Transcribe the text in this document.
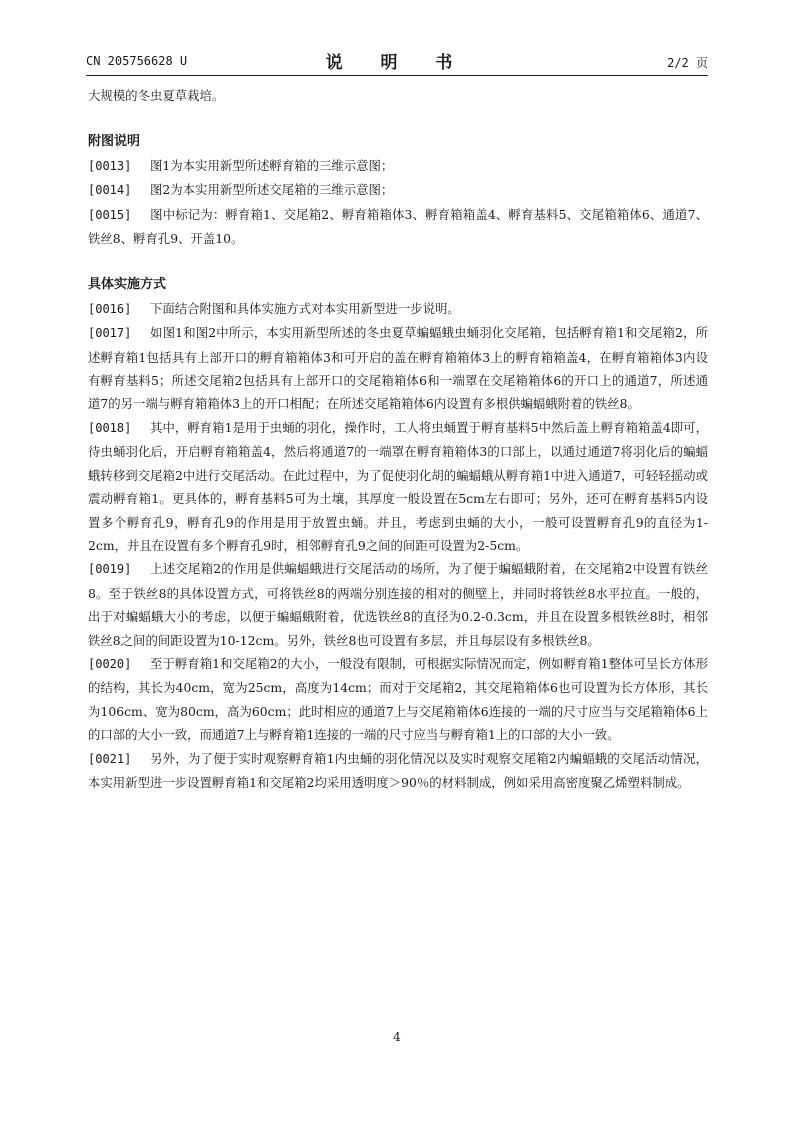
CN 205756628 U	说 明 书	2/2 页

大规模的冬虫夏草栽培。

附图说明

[0013] 图1为本实用新型所述孵育箱的三维示意图；

[0014] 图2为本实用新型所述交尾箱的三维示意图；

[0015] 图中标记为：孵育箱1、交尾箱2、孵育箱箱体3、孵育箱箱盖4、孵育基料5、交尾箱箱体6、通道7、铁丝8、孵育孔9、开盖10。

具体实施方式

[0016] 下面结合附图和具体实施方式对本实用新型进一步说明。

[0017] 如图1和图2中所示，本实用新型所述的冬虫夏草蝙蝠蛾虫蛹羽化交尾箱，包括孵育箱1和交尾箱2，所述孵育箱1包括具有上部开口的孵育箱箱体3和可开启的盖在孵育箱箱体3上的孵育箱箱盖4，在孵育箱箱体3内设有孵育基料5；所述交尾箱2包括具有上部开口的交尾箱箱体6和一端罩在交尾箱箱体6的开口上的通道7，所述通道7的另一端与孵育箱箱体3上的开口相配；在所述交尾箱箱体6内设置有多根供蝙蝠蛾附着的铁丝8。

[0018] 其中，孵育箱1是用于虫蛹的羽化，操作时，工人将虫蛹置于孵育基料5中然后盖上孵育箱箱盖4即可，待虫蛹羽化后，开启孵育箱箱盖4，然后将通道7的一端罩在孵育箱箱体3的口部上，以通过通道7将羽化后的蝙蝠蛾转移到交尾箱2中进行交尾活动。在此过程中，为了促使羽化胡的蝙蝠蛾从孵育箱1中进入通道7，可轻轻摇动或震动孵育箱1。更具体的，孵育基料5可为土壤，其厚度一般设置在5cm左右即可；另外，还可在孵育基料5内设置多个孵育孔9，孵育孔9的作用是用于放置虫蛹。并且，考虑到虫蛹的大小，一般可设置孵育孔9的直径为1-2cm，并且在设置有多个孵育孔9时，相邻孵育孔9之间的间距可设置为2-5cm。

[0019] 上述交尾箱2的作用是供蝙蝠蛾进行交尾活动的场所，为了便于蝙蝠蛾附着，在交尾箱2中设置有铁丝8。至于铁丝8的具体设置方式，可将铁丝8的两端分别连接的相对的侧壁上，并同时将铁丝8水平拉直。一般的，出于对蝙蝠蛾大小的考虑，以便于蝙蝠蛾附着，优选铁丝8的直径为0.2-0.3cm，并且在设置多根铁丝8时，相邻铁丝8之间的间距设置为10-12cm。另外，铁丝8也可设置有多层，并且每层设有多根铁丝8。

[0020] 至于孵育箱1和交尾箱2的大小，一般没有限制，可根据实际情况而定，例如孵育箱1整体可呈长方体形的结构，其长为40cm，宽为25cm，高度为14cm；而对于交尾箱2，其交尾箱箱体6也可设置为长方体形，其长为106cm、宽为80cm，高为60cm；此时相应的通道7上与交尾箱箱体6连接的一端的尺寸应当与交尾箱箱体6上的口部的大小一致，而通道7上与孵育箱1连接的一端的尺寸应当与孵育箱1上的口部的大小一致。

[0021] 另外，为了便于实时观察孵育箱1内虫蛹的羽化情况以及实时观察交尾箱2内蝙蝠蛾的交尾活动情况，本实用新型进一步设置孵育箱1和交尾箱2均采用透明度＞90％的材料制成，例如采用高密度聚乙烯塑料制成。

4
